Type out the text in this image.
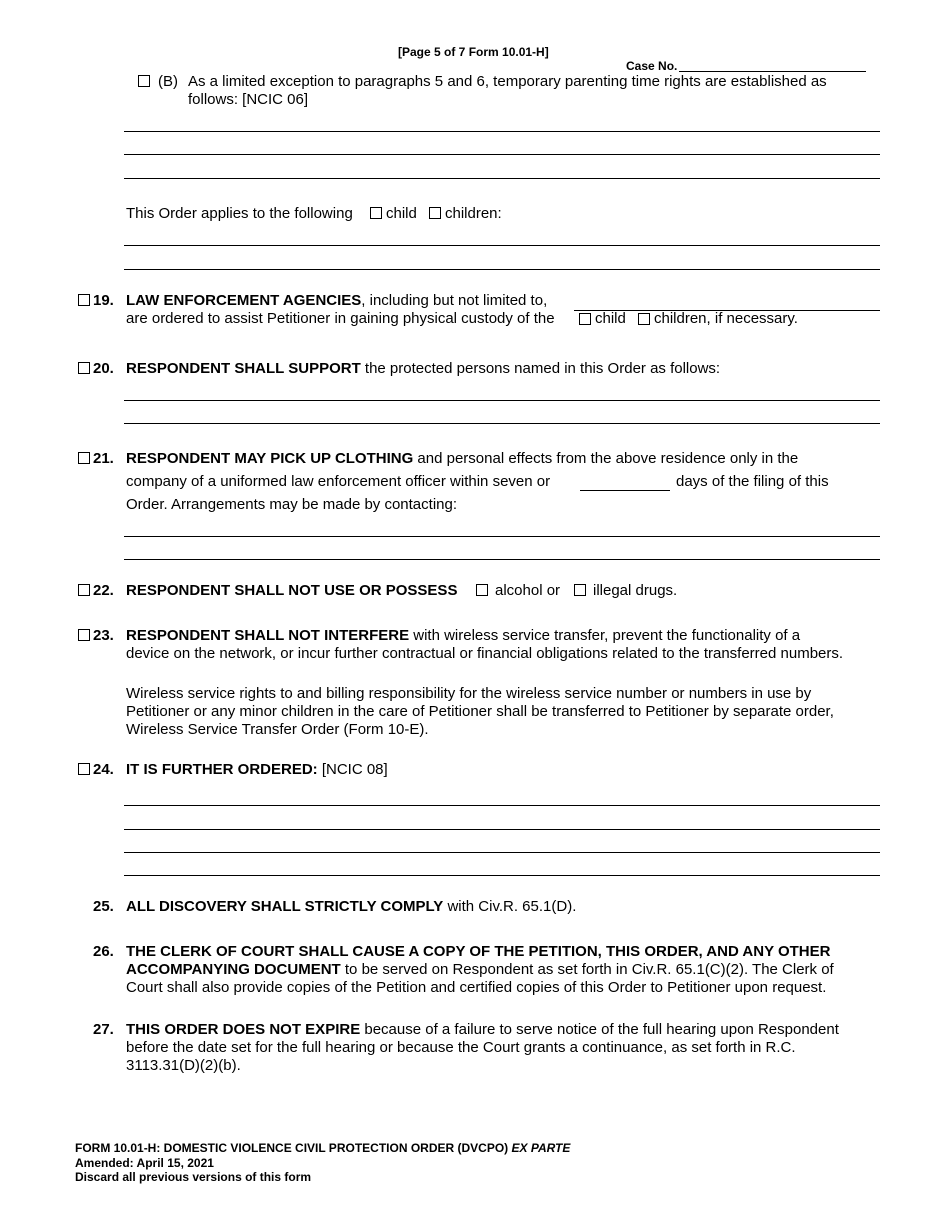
[Page 5 of 7 Form 10.01-H]
Case No.
(B) As a limited exception to paragraphs 5 and 6, temporary parenting time rights are established as
follows: [NCIC 06]
This Order applies to the following child children:
19. LAW ENFORCEMENT AGENCIES, including but not limited to,
are ordered to assist Petitioner in gaining physical custody of the	child children, if necessary.
20. RESPONDENT SHALL SUPPORT the protected persons named in this Order as follows:
21. RESPONDENT MAY PICK UP CLOTHING and personal effects from the above residence only in the
company of a uniformed law enforcement officer within seven or	days of the filing of this
Order. Arrangements may be made by contacting:
22. RESPONDENT SHALL NOT USE OR POSSESS	alcohol or illegal drugs.
23. RESPONDENT SHALL NOT INTERFERE with wireless service transfer, prevent the functionality of a
device on the network, or incur further contractual or financial obligations related to the transferred numbers.
Wireless service rights to and billing responsibility for the wireless service number or numbers in use by
Petitioner or any minor children in the care of Petitioner shall be transferred to Petitioner by separate order,
Wireless Service Transfer Order (Form 10-E).
24. IT IS FURTHER ORDERED: [NCIC 08]
25. ALL DISCOVERY SHALL STRICTLY COMPLY with Civ.R. 65.1(D).
26. THE CLERK OF COURT SHALL CAUSE A COPY OF THE PETITION, THIS ORDER, AND ANY OTHER
ACCOMPANYING DOCUMENT to be served on Respondent as set forth in Civ.R. 65.1(C)(2). The Clerk of
Court shall also provide copies of the Petition and certified copies of this Order to Petitioner upon request.
27. THIS ORDER DOES NOT EXPIRE because of a failure to serve notice of the full hearing upon Respondent
before the date set for the full hearing or because the Court grants a continuance, as set forth in R.C.
3113.31(D)(2)(b).
FORM 10.01-H: DOMESTIC VIOLENCE CIVIL PROTECTION ORDER (DVCPO) EX PARTE
Amended: April 15, 2021
Discard all previous versions of this form
